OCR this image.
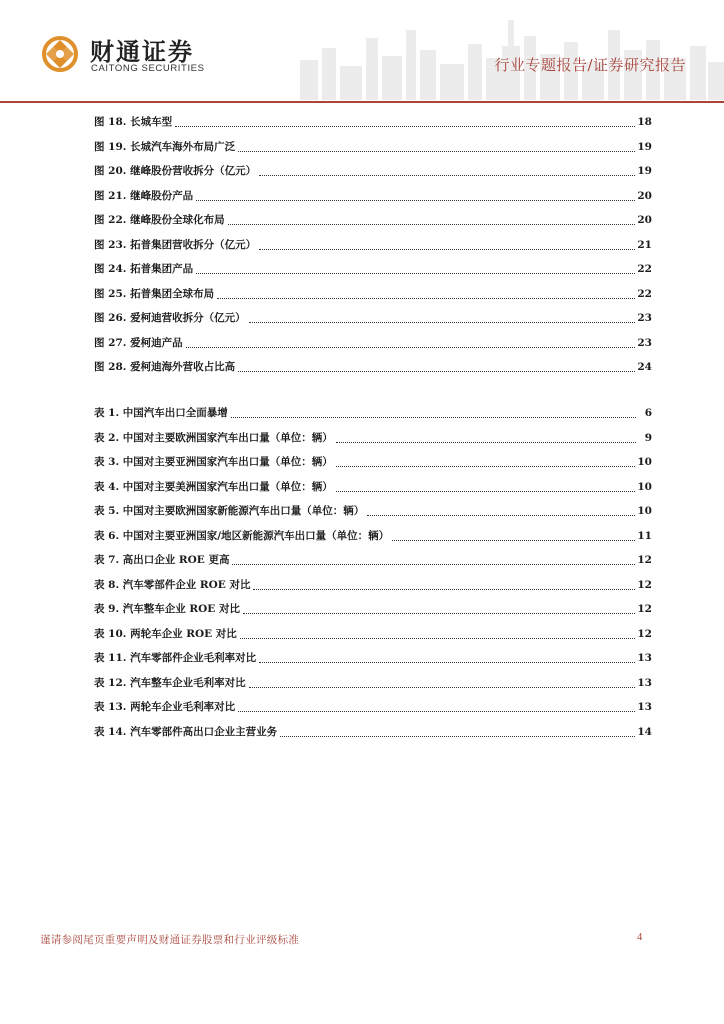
财通证券
CAITONG SECURITIES	行业专题报告/证券研究报告
图 18. 长城车型	18
图 19. 长城汽车海外布局广泛	19
图 20. 继峰股份营收拆分（亿元）	19
图 21. 继峰股份产品	20
图 22. 继峰股份全球化布局	20
图 23. 拓普集团营收拆分（亿元）	21
图 24. 拓普集团产品	22
图 25. 拓普集团全球布局	22
图 26. 爱柯迪营收拆分（亿元）	23
图 27. 爱柯迪产品	23
图 28. 爱柯迪海外营收占比高	24
表 1. 中国汽车出口全面暴增	6
表 2. 中国对主要欧洲国家汽车出口量（单位：辆）	9
表 3. 中国对主要亚洲国家汽车出口量（单位：辆）	10
表 4. 中国对主要美洲国家汽车出口量（单位：辆）	10
表 5. 中国对主要欧洲国家新能源汽车出口量（单位：辆）	10
表 6. 中国对主要亚洲国家/地区新能源汽车出口量（单位：辆）	11
表 7. 高出口企业 ROE 更高	12
表 8. 汽车零部件企业 ROE 对比	12
表 9. 汽车整车企业 ROE 对比	12
表 10. 两轮车企业 ROE 对比	12
表 11. 汽车零部件企业毛利率对比	13
表 12. 汽车整车企业毛利率对比	13
表 13. 两轮车企业毛利率对比	13
表 14. 汽车零部件高出口企业主营业务	14
谨请参阅尾页重要声明及财通证券股票和行业评级标准	4
